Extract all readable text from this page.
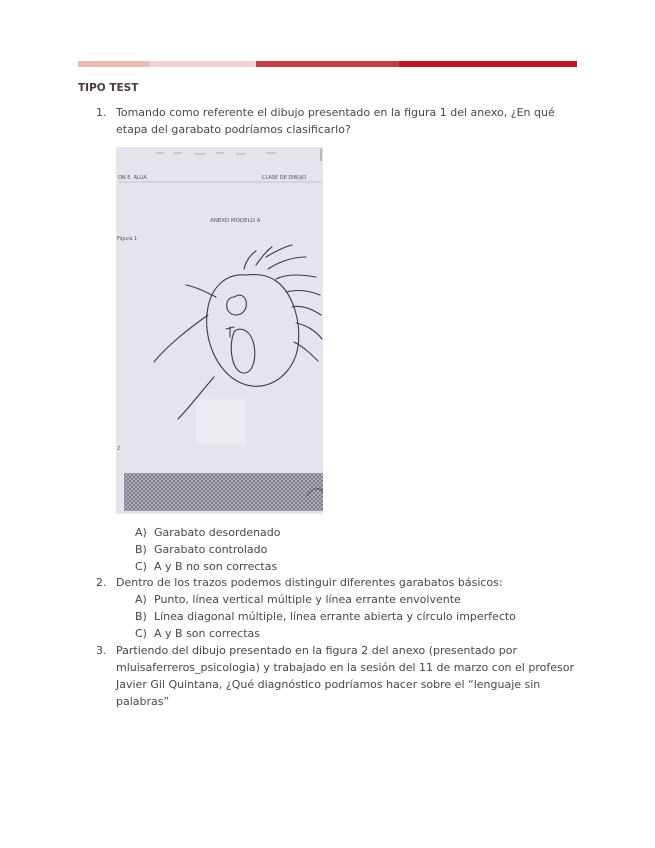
TIPO TEST
1. Tomando como referente el dibujo presentado en la figura 1 del anexo, ¿En qué etapa del garabato podríamos clasificarlo?
ON E. ALUA	CLASE DE DIBUJO
ANEXO MODELO A
Figura 1
2
A) Garabato desordenado
B) Garabato controlado
C) A y B no son correctas
2. Dentro de los trazos podemos distinguir diferentes garabatos básicos:
A) Punto, línea vertical múltiple y línea errante envolvente
B) Línea diagonal múltiple, línea errante abierta y círculo imperfecto
C) A y B son correctas
3. Partiendo del dibujo presentado en la figura 2 del anexo (presentado por mluisaferreros_psicologia) y trabajado en la sesión del 11 de marzo con el profesor Javier Gil Quintana, ¿Qué diagnóstico podríamos hacer sobre el “lenguaje sin palabras”
